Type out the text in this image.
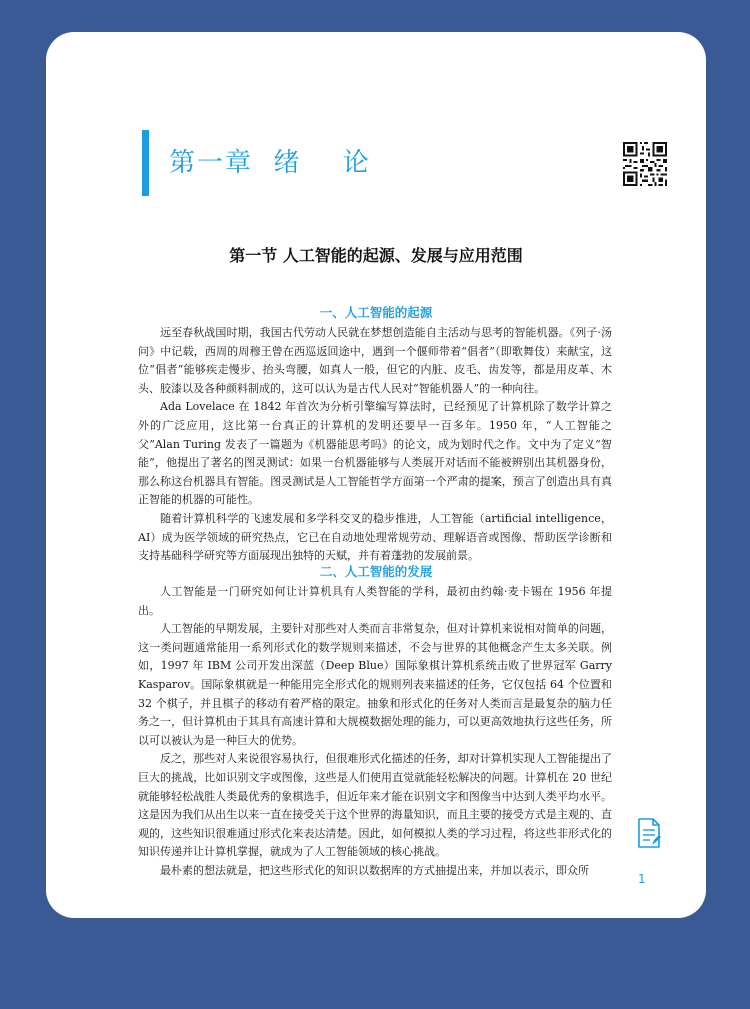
第一章  绪    论
第一节 人工智能的起源、发展与应用范围
一、人工智能的起源

远至春秋战国时期，我国古代劳动人民就在梦想创造能自主活动与思考的智能机器。《列子·汤问》中记载，西周的周穆王曾在西巡返回途中，遇到一个偃师带着“倡者”（即歌舞伎）来献宝，这位“倡者”能够疾走慢步、抬头弯腰，如真人一般，但它的内脏、皮毛、齿发等，都是用皮革、木头、胶漆以及各种颜料制成的，这可以认为是古代人民对“智能机器人”的一种向往。

Ada Lovelace 在 1842 年首次为分析引擎编写算法时，已经预见了计算机除了数学计算之外的广泛应用，这比第一台真正的计算机的发明还要早一百多年。1950 年，“人工智能之父”Alan Turing 发表了一篇题为《机器能思考吗》的论文，成为划时代之作。文中为了定义“智能”，他提出了著名的图灵测试：如果一台机器能够与人类展开对话而不能被辨别出其机器身份，那么称这台机器具有智能。图灵测试是人工智能哲学方面第一个严肃的提案，预言了创造出具有真正智能的机器的可能性。

随着计算机科学的飞速发展和多学科交叉的稳步推进，人工智能（artificial intelligence，AI）成为医学领域的研究热点，它已在自动地处理常规劳动、理解语音或图像、帮助医学诊断和支持基础科学研究等方面展现出独特的天赋，并有着蓬勃的发展前景。

二、人工智能的发展

人工智能是一门研究如何让计算机具有人类智能的学科，最初由约翰·麦卡锡在 1956 年提出。

人工智能的早期发展，主要针对那些对人类而言非常复杂，但对计算机来说相对简单的问题，这一类问题通常能用一系列形式化的数学规则来描述，不会与世界的其他概念产生太多关联。例如，1997 年 IBM 公司开发出深蓝（Deep Blue）国际象棋计算机系统击败了世界冠军 Garry Kasparov。国际象棋就是一种能用完全形式化的规则列表来描述的任务，它仅包括 64 个位置和 32 个棋子，并且棋子的移动有着严格的限定。抽象和形式化的任务对人类而言是最复杂的脑力任务之一，但计算机由于其具有高速计算和大规模数据处理的能力，可以更高效地执行这些任务，所以可以被认为是一种巨大的优势。

反之，那些对人来说很容易执行，但很难形式化描述的任务，却对计算机实现人工智能提出了巨大的挑战，比如识别文字或图像，这些是人们使用直觉就能轻松解决的问题。计算机在 20 世纪就能够轻松战胜人类最优秀的象棋选手，但近年来才能在识别文字和图像当中达到人类平均水平。这是因为我们从出生以来一直在接受关于这个世界的海量知识，而且主要的接受方式是主观的、直观的，这些知识很难通过形式化来表达清楚。因此，如何模拟人类的学习过程，将这些非形式化的知识传递并让计算机掌握，就成为了人工智能领域的核心挑战。

最朴素的想法就是，把这些形式化的知识以数据库的方式抽提出来，并加以表示，即众所

1
